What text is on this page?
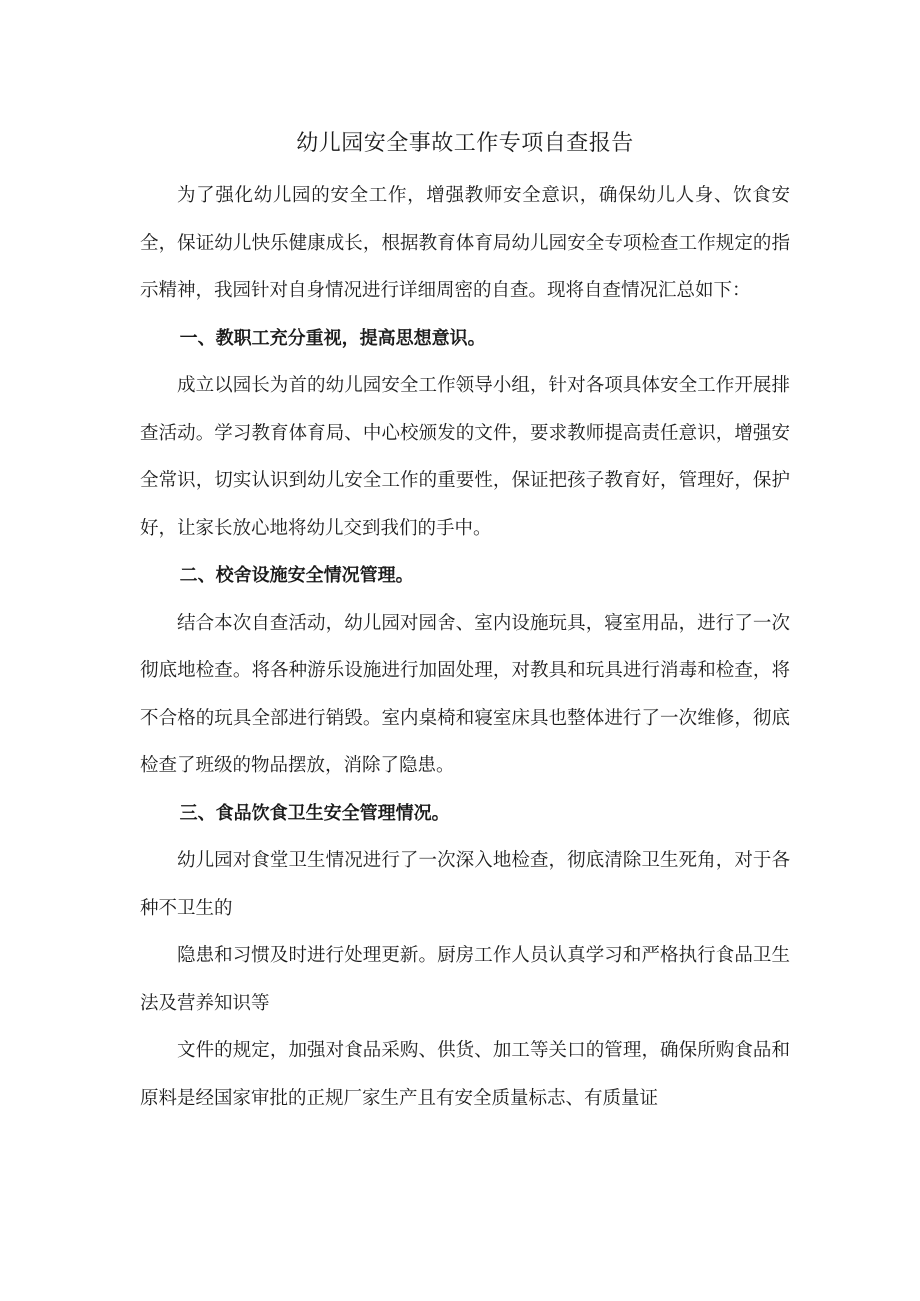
幼儿园安全事故工作专项自查报告

为了强化幼儿园的安全工作，增强教师安全意识，确保幼儿人身、饮食安全，保证幼儿快乐健康成长，根据教育体育局幼儿园安全专项检查工作规定的指示精神，我园针对自身情况进行详细周密的自查。现将自查情况汇总如下：

一、教职工充分重视，提高思想意识。

成立以园长为首的幼儿园安全工作领导小组，针对各项具体安全工作开展排查活动。学习教育体育局、中心校颁发的文件，要求教师提高责任意识，增强安全常识，切实认识到幼儿安全工作的重要性，保证把孩子教育好，管理好，保护好，让家长放心地将幼儿交到我们的手中。

二、校舍设施安全情况管理。

结合本次自查活动，幼儿园对园舍、室内设施玩具，寝室用品，进行了一次彻底地检查。将各种游乐设施进行加固处理，对教具和玩具进行消毒和检查，将不合格的玩具全部进行销毁。室内桌椅和寝室床具也整体进行了一次维修，彻底检查了班级的物品摆放，消除了隐患。

三、食品饮食卫生安全管理情况。

幼儿园对食堂卫生情况进行了一次深入地检查，彻底清除卫生死角，对于各种不卫生的

隐患和习惯及时进行处理更新。厨房工作人员认真学习和严格执行食品卫生法及营养知识等

文件的规定，加强对食品采购、供货、加工等关口的管理，确保所购食品和原料是经国家审批的正规厂家生产且有安全质量标志、有质量证
